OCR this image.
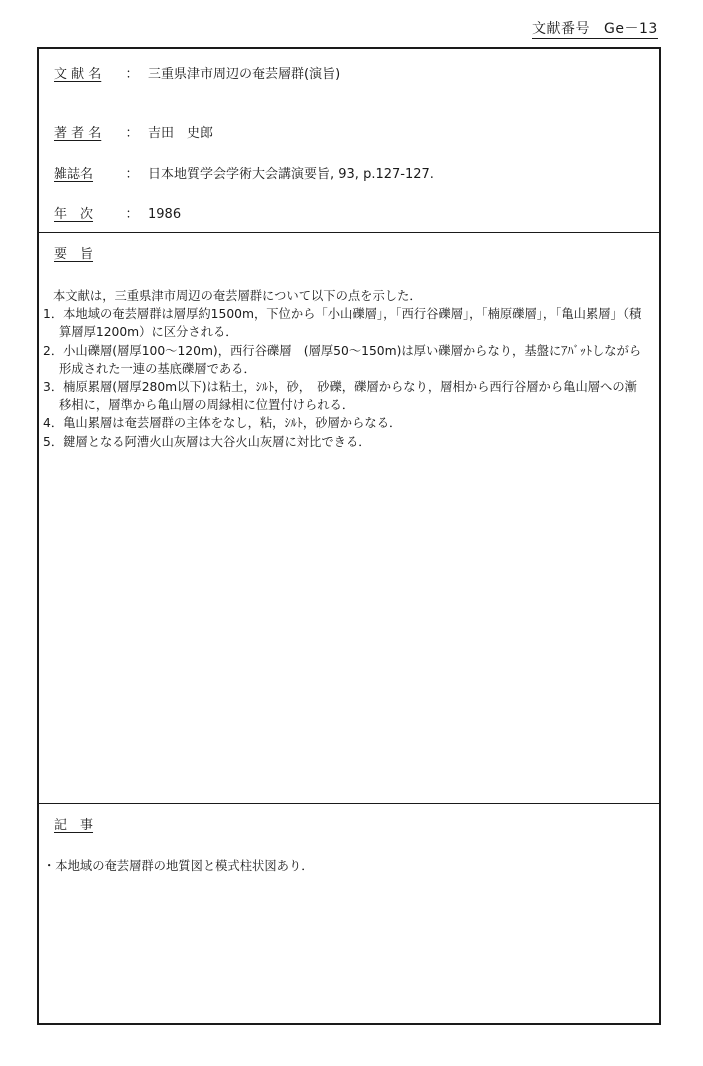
文献番号 Ge－13
文 献 名 ： 三重県津市周辺の奄芸層群(演旨)
著 者 名 ： 吉田　史郎
雑誌名 ： 日本地質学会学術大会講演要旨, 93, p.127-127.
年　次 ： 1986
要　旨
本文献は，三重県津市周辺の奄芸層群について以下の点を示した．
1．本地域の奄芸層群は層厚約1500m，下位から「小山礫層」，「西行谷礫層」，「楠原礫層」，「亀山累層」（積算層厚1200m）に区分される．
2．小山礫層(層厚100～120m)，西行谷礫層　(層厚50～150m)は厚い礫層からなり，基盤にｱﾊﾞｯﾄしながら形成された一連の基底礫層である．
3．楠原累層(層厚280m以下)は粘土，ｼﾙﾄ，砂，　砂礫，礫層からなり，層相から西行谷層から亀山層への漸移相に，層準から亀山層の周縁相に位置付けられる．
4．亀山累層は奄芸層群の主体をなし，粘，ｼﾙﾄ，砂層からなる．
5．鍵層となる阿漕火山灰層は大谷火山灰層に対比できる．
記　事
・本地域の奄芸層群の地質図と模式柱状図あり．
